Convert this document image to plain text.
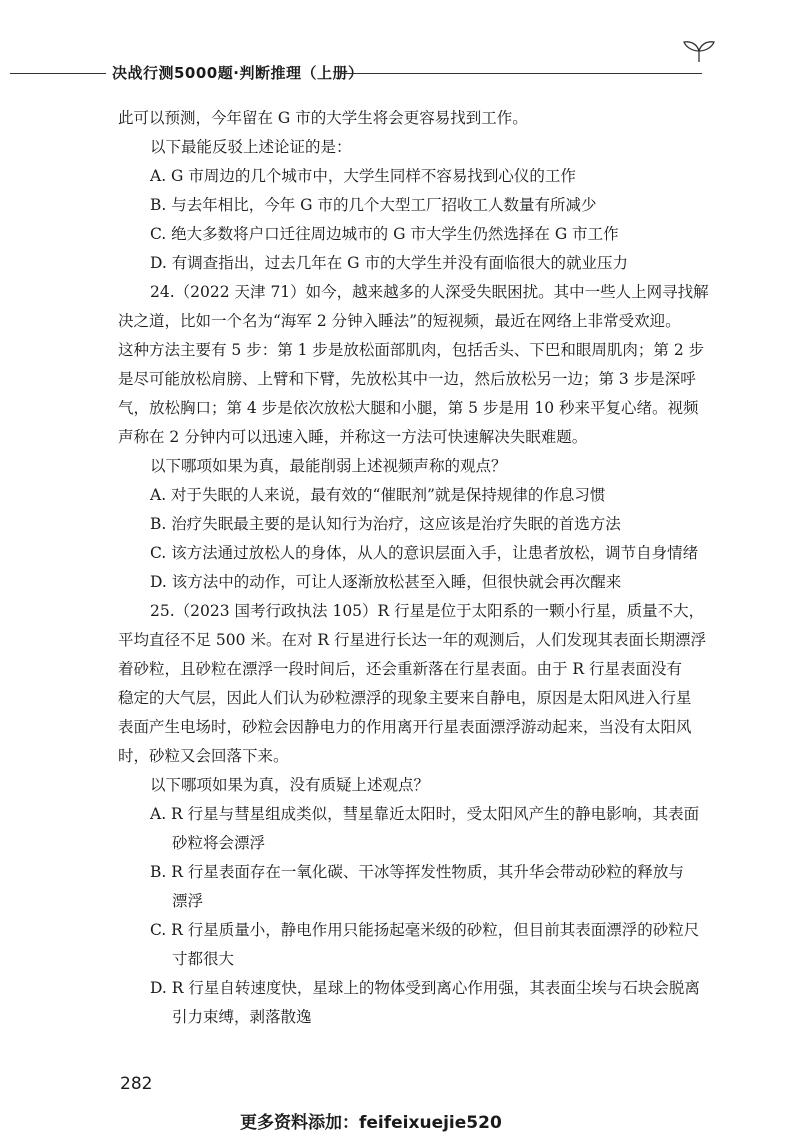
决战行测5000题·判断推理（上册）
此可以预测，今年留在 G 市的大学生将会更容易找到工作。
以下最能反驳上述论证的是：
A. G 市周边的几个城市中，大学生同样不容易找到心仪的工作
B. 与去年相比，今年 G 市的几个大型工厂招收工人数量有所减少
C. 绝大多数将户口迁往周边城市的 G 市大学生仍然选择在 G 市工作
D. 有调查指出，过去几年在 G 市的大学生并没有面临很大的就业压力
24.（2022 天津 71）如今，越来越多的人深受失眠困扰。其中一些人上网寻找解
决之道，比如一个名为“海军 2 分钟入睡法”的短视频，最近在网络上非常受欢迎。
这种方法主要有 5 步：第 1 步是放松面部肌肉，包括舌头、下巴和眼周肌肉；第 2 步
是尽可能放松肩膀、上臂和下臂，先放松其中一边，然后放松另一边；第 3 步是深呼
气，放松胸口；第 4 步是依次放松大腿和小腿，第 5 步是用 10 秒来平复心绪。视频
声称在 2 分钟内可以迅速入睡，并称这一方法可快速解决失眠难题。
以下哪项如果为真，最能削弱上述视频声称的观点？
A. 对于失眠的人来说，最有效的“催眠剂”就是保持规律的作息习惯
B. 治疗失眠最主要的是认知行为治疗，这应该是治疗失眠的首选方法
C. 该方法通过放松人的身体，从人的意识层面入手，让患者放松，调节自身情绪
D. 该方法中的动作，可让人逐渐放松甚至入睡，但很快就会再次醒来
25.（2023 国考行政执法 105）R 行星是位于太阳系的一颗小行星，质量不大，
平均直径不足 500 米。在对 R 行星进行长达一年的观测后，人们发现其表面长期漂浮
着砂粒，且砂粒在漂浮一段时间后，还会重新落在行星表面。由于 R 行星表面没有
稳定的大气层，因此人们认为砂粒漂浮的现象主要来自静电，原因是太阳风进入行星
表面产生电场时，砂粒会因静电力的作用离开行星表面漂浮游动起来，当没有太阳风
时，砂粒又会回落下来。
以下哪项如果为真，没有质疑上述观点？
A. R 行星与彗星组成类似，彗星靠近太阳时，受太阳风产生的静电影响，其表面
砂粒将会漂浮
B. R 行星表面存在一氧化碳、干冰等挥发性物质，其升华会带动砂粒的释放与
漂浮
C. R 行星质量小，静电作用只能扬起毫米级的砂粒，但目前其表面漂浮的砂粒尺
寸都很大
D. R 行星自转速度快，星球上的物体受到离心作用强，其表面尘埃与石块会脱离
引力束缚，剥落散逸
282
更多资料添加：feifeixuejie520
